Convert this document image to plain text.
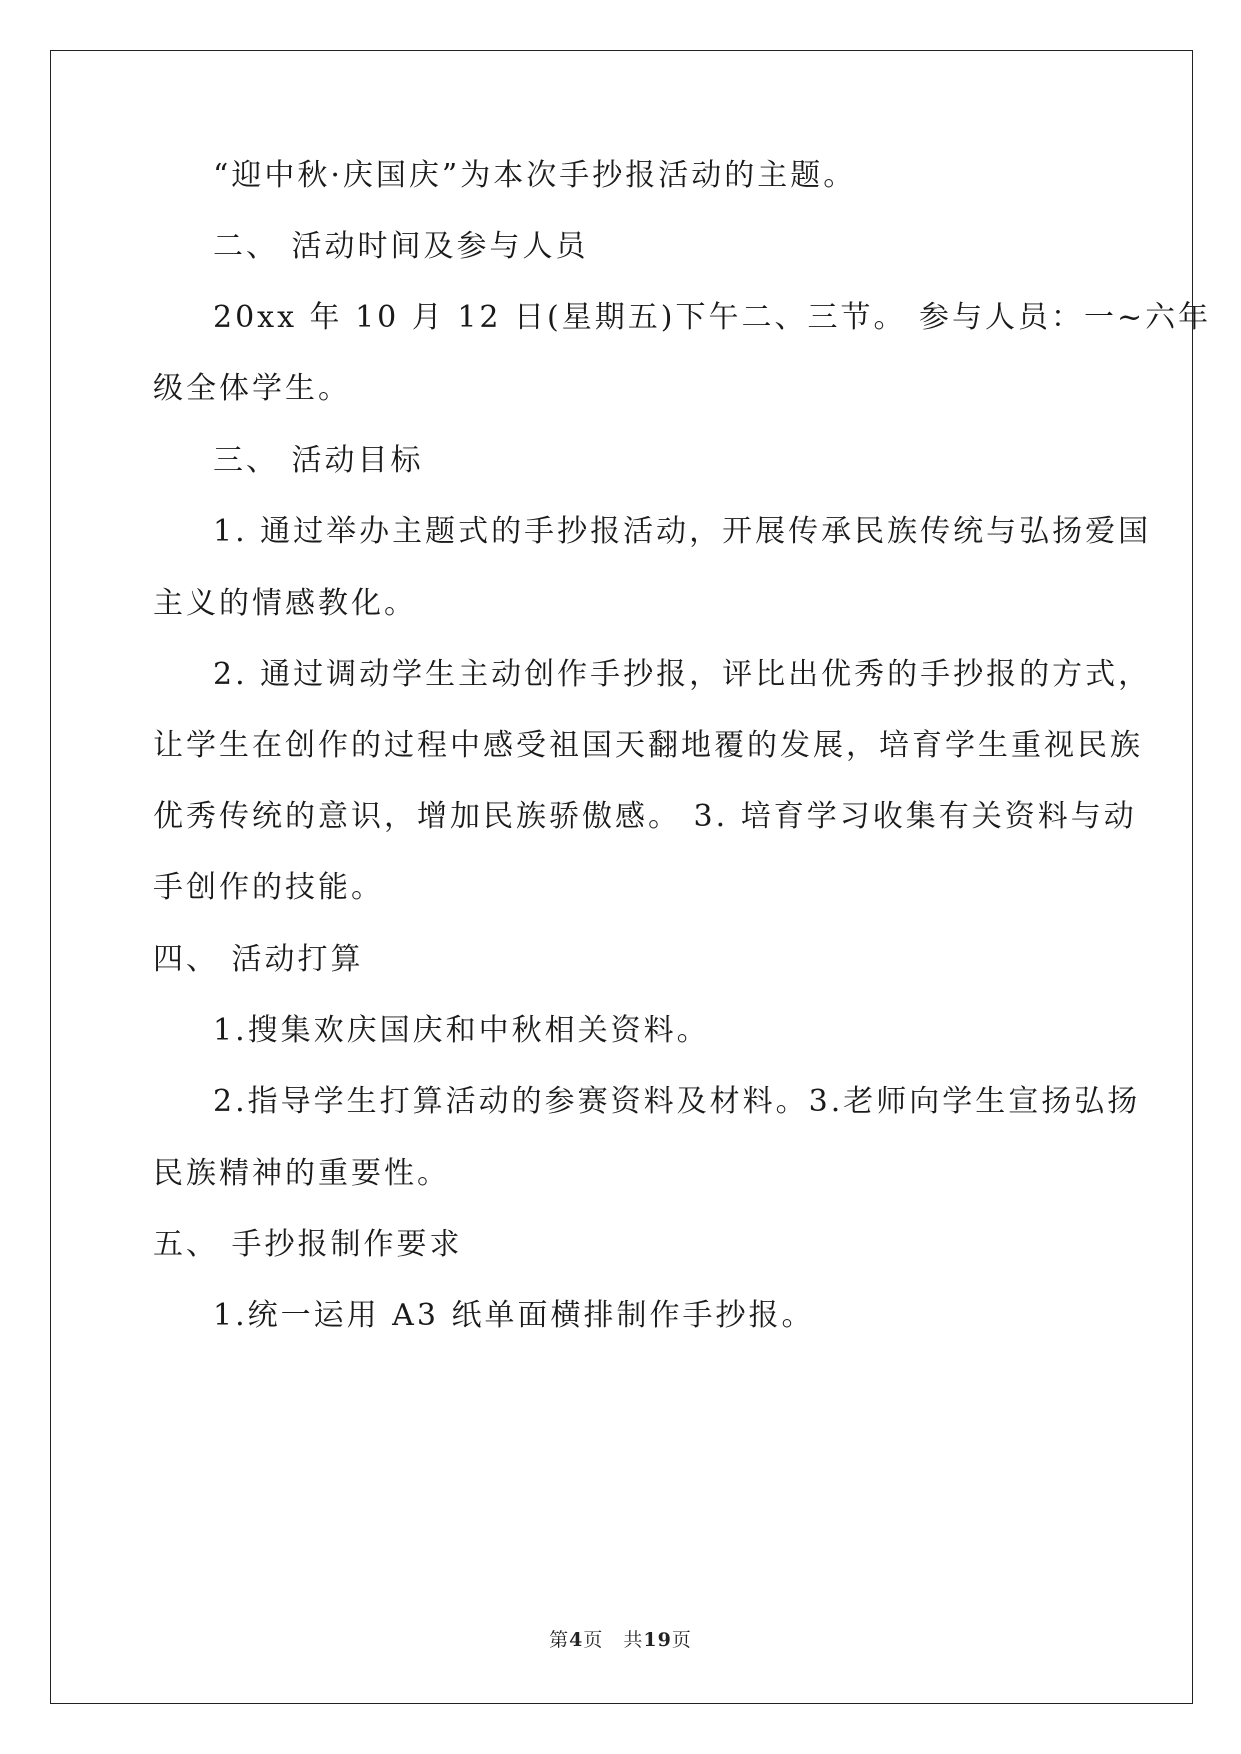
“迎中秋·庆国庆”为本次手抄报活动的主题。
二、 活动时间及参与人员
20xx 年 10 月 12 日(星期五)下午二、三节。 参与人员：一~六年
级全体学生。
三、 活动目标
1. 通过举办主题式的手抄报活动，开展传承民族传统与弘扬爱国
主义的情感教化。
2. 通过调动学生主动创作手抄报，评比出优秀的手抄报的方式，
让学生在创作的过程中感受祖国天翻地覆的发展，培育学生重视民族
优秀传统的意识，增加民族骄傲感。 3. 培育学习收集有关资料与动
手创作的技能。
四、 活动打算
1.搜集欢庆国庆和中秋相关资料。
2.指导学生打算活动的参赛资料及材料。3.老师向学生宣扬弘扬
民族精神的重要性。
五、 手抄报制作要求
1.统一运用 A3 纸单面横排制作手抄报。
第4页　共19页
